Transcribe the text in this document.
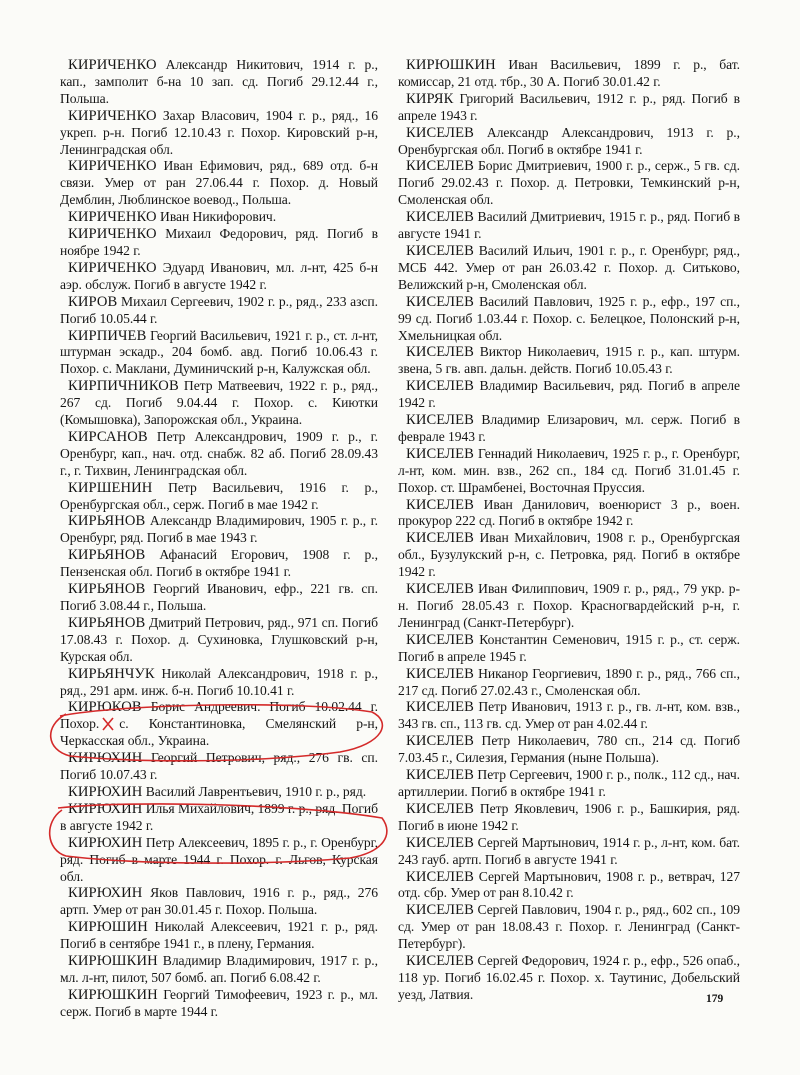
КИРИЧЕНКО Александр Никитович, 1914 г. р., кап., замполит б-на 10 зап. сд. Погиб 29.12.44 г., Польша.

КИРИЧЕНКО Захар Власович, 1904 г. р., ряд., 16 укреп. р-н. Погиб 12.10.43 г. Похор. Кировский р-н, Ленинградская обл.

КИРИЧЕНКО Иван Ефимович, ряд., 689 отд. б-н связи. Умер от ран 27.06.44 г. Похор. д. Новый Демблин, Люблинское воевод., Польша.

КИРИЧЕНКО Иван Никифорович.

КИРИЧЕНКО Михаил Федорович, ряд. Погиб в ноябре 1942 г.

КИРИЧЕНКО Эдуард Иванович, мл. л-нт, 425 б-н аэр. обслуж. Погиб в августе 1942 г.

КИРОВ Михаил Сергеевич, 1902 г. р., ряд., 233 азсп. Погиб 10.05.44 г.

КИРПИЧЕВ Георгий Васильевич, 1921 г. р., ст. л-нт, штурман эскадр., 204 бомб. авд. Погиб 10.06.43 г. Похор. с. Маклани, Думиничский р-н, Калужская обл.

КИРПИЧНИКОВ Петр Матвеевич, 1922 г. р., ряд., 267 сд. Погиб 9.04.44 г. Похор. с. Киютки (Комышовка), Запорожская обл., Украина.

КИРСАНОВ Петр Александрович, 1909 г. р., г. Оренбург, кап., нач. отд. снабж. 82 аб. Погиб 28.09.43 г., г. Тихвин, Ленинградская обл.

КИРШЕНИН Петр Васильевич, 1916 г. р., Оренбургская обл., серж. Погиб в мае 1942 г.

КИРЬЯНОВ Александр Владимирович, 1905 г. р., г. Оренбург, ряд. Погиб в мае 1943 г.

КИРЬЯНОВ Афанасий Егорович, 1908 г. р., Пензенская обл. Погиб в октябре 1941 г.

КИРЬЯНОВ Георгий Иванович, ефр., 221 гв. сп. Погиб 3.08.44 г., Польша.

КИРЬЯНОВ Дмитрий Петрович, ряд., 971 сп. Погиб 17.08.43 г. Похор. д. Сухиновка, Глушковский р-н, Курская обл.

КИРЬЯНЧУК Николай Александрович, 1918 г. р., ряд., 291 арм. инж. б-н. Погиб 10.10.41 г.

КИРЮКОВ Борис Андреевич. Погиб 10.02.44 г. Похор. с. Константиновка, Смелянский р-н, Черкасская обл., Украина.

КИРЮХИН Георгий Петрович, ряд., 276 гв. сп. Погиб 10.07.43 г.

КИРЮХИН Василий Лаврентьевич, 1910 г. р., ряд.

КИРЮХИН Илья Михайлович, 1899 г. р., ряд. Погиб в августе 1942 г.

КИРЮХИН Петр Алексеевич, 1895 г. р., г. Оренбург, ряд. Погиб в марте 1944 г. Похор. г. Льгов, Курская обл.

КИРЮХИН Яков Павлович, 1916 г. р., ряд., 276 артп. Умер от ран 30.01.45 г. Похор. Польша.

КИРЮШИН Николай Алексеевич, 1921 г. р., ряд. Погиб в сентябре 1941 г., в плену, Германия.

КИРЮШКИН Владимир Владимирович, 1917 г. р., мл. л-нт, пилот, 507 бомб. ап. Погиб 6.08.42 г.

КИРЮШКИН Георгий Тимофеевич, 1923 г. р., мл. серж. Погиб в марте 1944 г.

КИРЮШКИН Иван Васильевич, 1899 г. р., бат. комиссар, 21 отд. тбр., 30 А. Погиб 30.01.42 г.

КИРЯК Григорий Васильевич, 1912 г. р., ряд. Погиб в апреле 1943 г.

КИСЕЛЕВ Александр Александрович, 1913 г. р., Оренбургская обл. Погиб в октябре 1941 г.

КИСЕЛЕВ Борис Дмитриевич, 1900 г. р., серж., 5 гв. сд. Погиб 29.02.43 г. Похор. д. Петровки, Темкинский р-н, Смоленская обл.

КИСЕЛЕВ Василий Дмитриевич, 1915 г. р., ряд. Погиб в августе 1941 г.

КИСЕЛЕВ Василий Ильич, 1901 г. р., г. Оренбург, ряд., МСБ 442. Умер от ран 26.03.42 г. Похор. д. Ситьково, Велижский р-н, Смоленская обл.

КИСЕЛЕВ Василий Павлович, 1925 г. р., ефр., 197 сп., 99 сд. Погиб 1.03.44 г. Похор. с. Белецкое, Полонский р-н, Хмельницкая обл.

КИСЕЛЕВ Виктор Николаевич, 1915 г. р., кап. штурм. звена, 5 гв. авп. дальн. действ. Погиб 10.05.43 г.

КИСЕЛЕВ Владимир Васильевич, ряд. Погиб в апреле 1942 г.

КИСЕЛЕВ Владимир Елизарович, мл. серж. Погиб в феврале 1943 г.

КИСЕЛЕВ Геннадий Николаевич, 1925 г. р., г. Оренбург, л-нт, ком. мин. взв., 262 сп., 184 сд. Погиб 31.01.45 г. Похор. ст. Шрамбенei, Восточная Пруссия.

КИСЕЛЕВ Иван Данилович, военюрист 3 р., воен. прокурор 222 сд. Погиб в октябре 1942 г.

КИСЕЛЕВ Иван Михайлович, 1908 г. р., Оренбургская обл., Бузулукский р-н, с. Петровка, ряд. Погиб в октябре 1942 г.

КИСЕЛЕВ Иван Филиппович, 1909 г. р., ряд., 79 укр. р-н. Погиб 28.05.43 г. Похор. Красногвардейский р-н, г. Ленинград (Санкт-Петербург).

КИСЕЛЕВ Константин Семенович, 1915 г. р., ст. серж. Погиб в апреле 1945 г.

КИСЕЛЕВ Никанор Георгиевич, 1890 г. р., ряд., 766 сп., 217 сд. Погиб 27.02.43 г., Смоленская обл.

КИСЕЛЕВ Петр Иванович, 1913 г. р., гв. л-нт, ком. взв., 343 гв. сп., 113 гв. сд. Умер от ран 4.02.44 г.

КИСЕЛЕВ Петр Николаевич, 780 сп., 214 сд. Погиб 7.03.45 г., Силезия, Германия (ныне Польша).

КИСЕЛЕВ Петр Сергеевич, 1900 г. р., полк., 112 сд., нач. артиллерии. Погиб в октябре 1941 г.

КИСЕЛЕВ Петр Яковлевич, 1906 г. р., Башкирия, ряд. Погиб в июне 1942 г.

КИСЕЛЕВ Сергей Мартынович, 1914 г. р., л-нт, ком. бат. 243 гауб. артп. Погиб в августе 1941 г.

КИСЕЛЕВ Сергей Мартынович, 1908 г. р., ветврач, 127 отд. сбр. Умер от ран 8.10.42 г.

КИСЕЛЕВ Сергей Павлович, 1904 г. р., ряд., 602 сп., 109 сд. Умер от ран 18.08.43 г. Похор. г. Ленинград (Санкт-Петербург).

КИСЕЛЕВ Сергей Федорович, 1924 г. р., ефр., 526 опаб., 118 ур. Погиб 16.02.45 г. Похор. х. Таутинис, Добельский уезд, Латвия.	179
